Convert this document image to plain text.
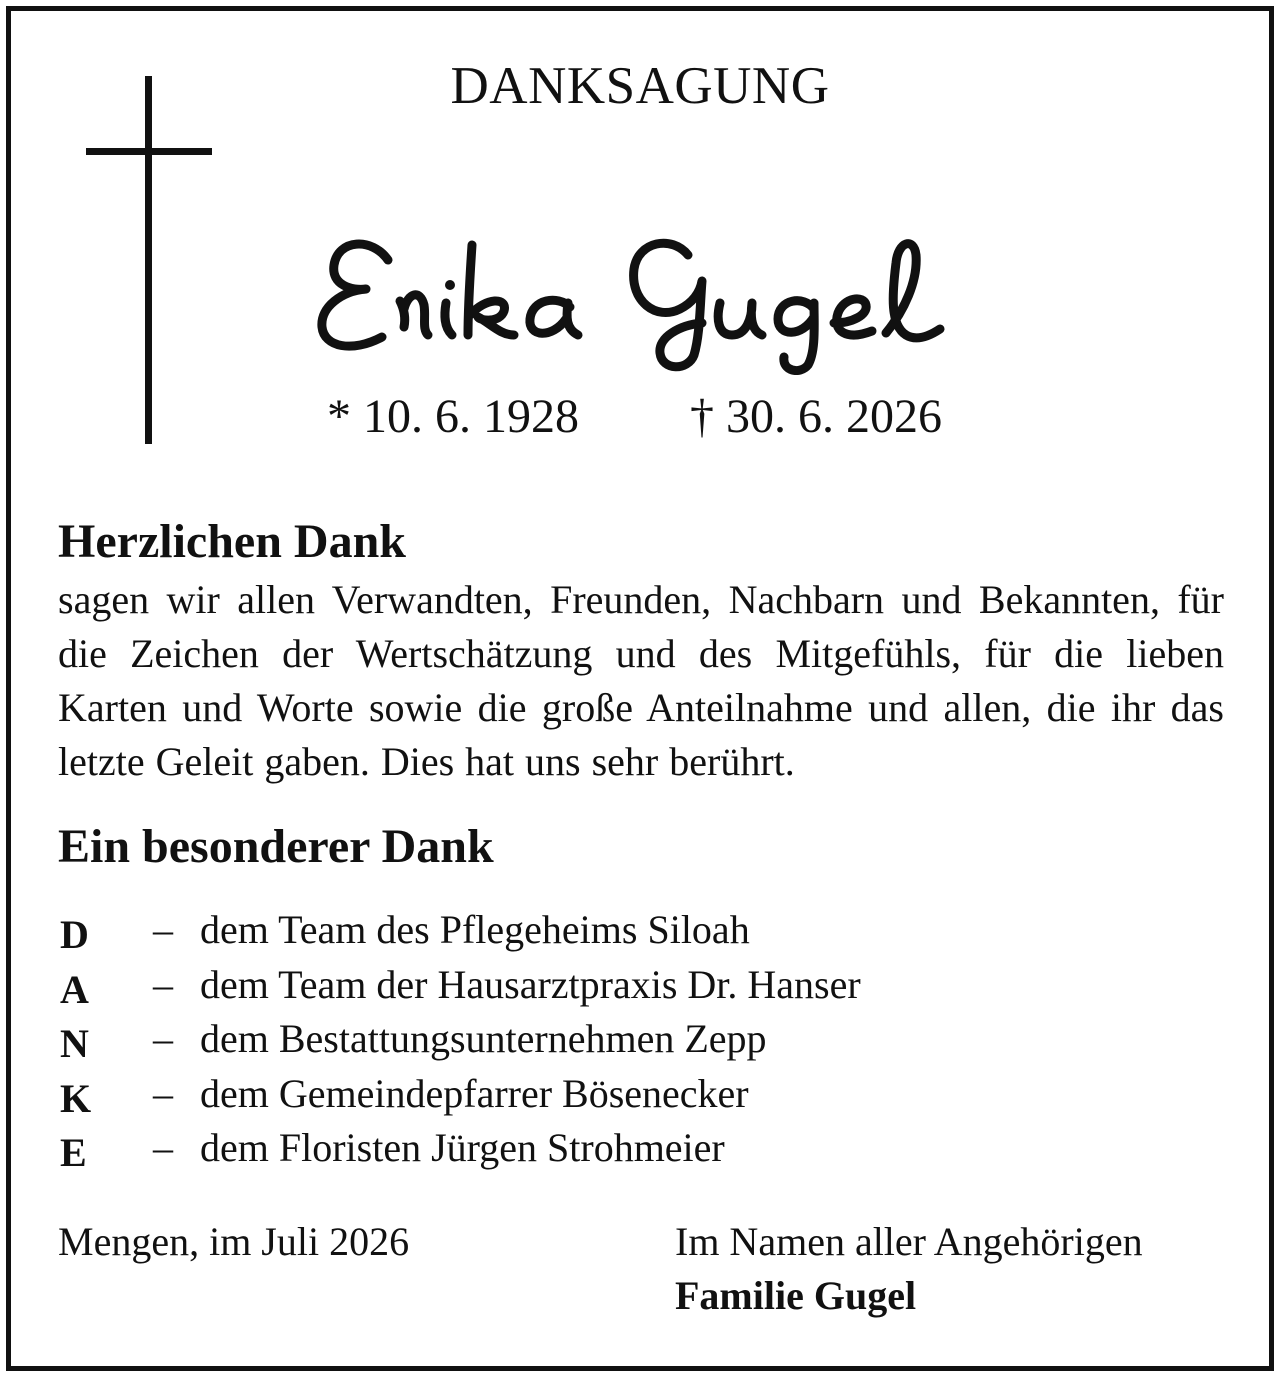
DANKSAGUNG
Erika Gugel
* 10. 6. 1928 † 30. 6. 2026
Herzlichen Dank
sagen wir allen Verwandten, Freunden, Nachbarn und Bekannten, für die Zeichen der Wertschätzung und des Mitgefühls, für die lieben Karten und Worte sowie die große Anteilnahme und allen, die ihr das letzte Geleit gaben. Dies hat uns sehr berührt.
Ein besonderer Dank
D – dem Team des Pflegeheims Siloah
A – dem Team der Hausarztpraxis Dr. Hanser
N – dem Bestattungsunternehmen Zepp
K – dem Gemeindepfarrer Bösenecker
E – dem Floristen Jürgen Strohmeier
Mengen, im Juli 2026	Im Namen aller Angehörigen
Familie Gugel
